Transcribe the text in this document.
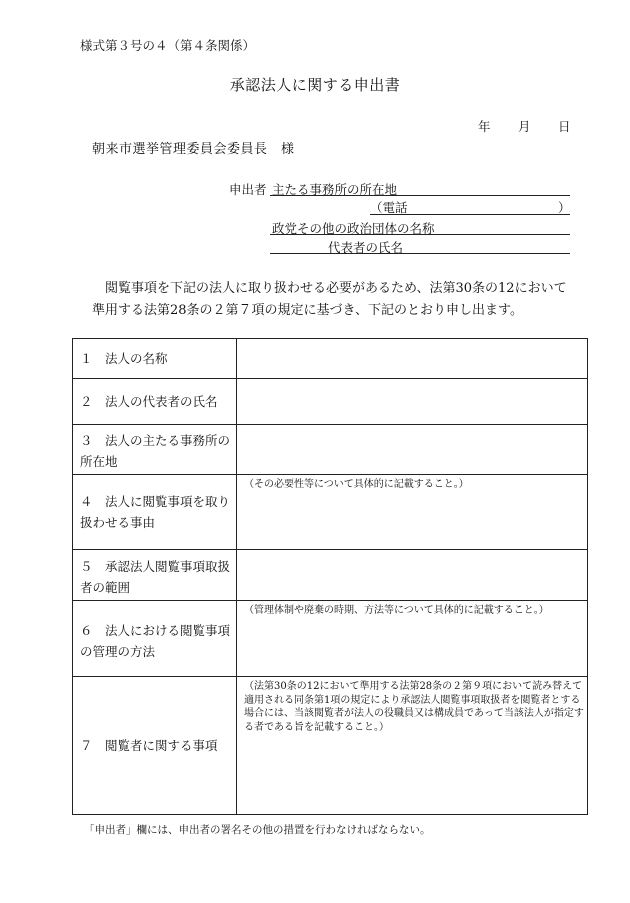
様式第３号の４（第４条関係）
承認法人に関する申出書
年 月 日
朝来市選挙管理委員会委員長　様
申出者 主たる事務所の所在地
（電話	）
政党その他の政治団体の名称
代表者の氏名
閲覧事項を下記の法人に取り扱わせる必要があるため、法第30条の12において
準用する法第28条の２第７項の規定に基づき、下記のとおり申し出ます。
１　法人の名称
２　法人の代表者の氏名
３　法人の主たる事務所の所在地
４　法人に閲覧事項を取り扱わせる事由
５　承認法人閲覧事項取扱者の範囲
６　法人における閲覧事項の管理の方法
７　閲覧者に関する事項
（その必要性等について具体的に記載すること。）
（管理体制や廃棄の時期、方法等について具体的に記載すること。）
（法第30条の12において準用する法第28条の２第９項において読み替えて適用される同条第1項の規定により承認法人閲覧事項取扱者を閲覧者とする場合には、当該閲覧者が法人の役職員又は構成員であって当該法人が指定する者である旨を記載すること。）
「申出者」欄には、申出者の署名その他の措置を行わなければならない。
